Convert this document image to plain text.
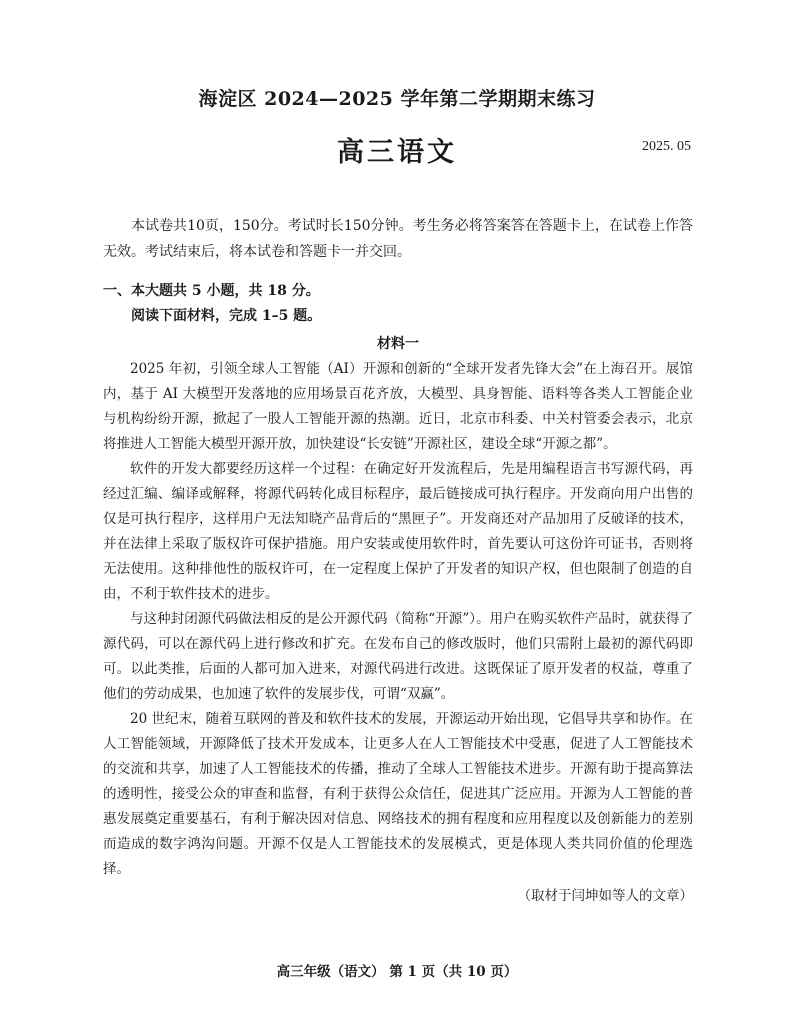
海淀区 2024—2025 学年第二学期期末练习
高三语文	2025. 05

本试卷共10页，150分。考试时长150分钟。考生务必将答案答在答题卡上，在试卷上作答无效。考试结束后，将本试卷和答题卡一并交回。

一、本大题共 5 小题，共 18 分。

阅读下面材料，完成 1–5 题。

材料一

2025 年初，引领全球人工智能（AI）开源和创新的“全球开发者先锋大会”在上海召开。展馆内，基于 AI 大模型开发落地的应用场景百花齐放，大模型、具身智能、语料等各类人工智能企业与机构纷纷开源，掀起了一股人工智能开源的热潮。近日，北京市科委、中关村管委会表示，北京将推进人工智能大模型开源开放，加快建设“长安链”开源社区，建设全球“开源之都”。

软件的开发大都要经历这样一个过程：在确定好开发流程后，先是用编程语言书写源代码，再经过汇编、编译或解释，将源代码转化成目标程序，最后链接成可执行程序。开发商向用户出售的仅是可执行程序，这样用户无法知晓产品背后的“黑匣子”。开发商还对产品加用了反破译的技术，并在法律上采取了版权许可保护措施。用户安装或使用软件时，首先要认可这份许可证书，否则将无法使用。这种排他性的版权许可，在一定程度上保护了开发者的知识产权，但也限制了创造的自由，不利于软件技术的进步。

与这种封闭源代码做法相反的是公开源代码（简称“开源”）。用户在购买软件产品时，就获得了源代码，可以在源代码上进行修改和扩充。在发布自己的修改版时，他们只需附上最初的源代码即可。以此类推，后面的人都可加入进来，对源代码进行改进。这既保证了原开发者的权益，尊重了他们的劳动成果，也加速了软件的发展步伐，可谓“双赢”。

20 世纪末，随着互联网的普及和软件技术的发展，开源运动开始出现，它倡导共享和协作。在人工智能领域，开源降低了技术开发成本，让更多人在人工智能技术中受惠，促进了人工智能技术的交流和共享，加速了人工智能技术的传播，推动了全球人工智能技术进步。开源有助于提高算法的透明性，接受公众的审查和监督，有利于获得公众信任，促进其广泛应用。开源为人工智能的普惠发展奠定重要基石，有利于解决因对信息、网络技术的拥有程度和应用程度以及创新能力的差别而造成的数字鸿沟问题。开源不仅是人工智能技术的发展模式，更是体现人类共同价值的伦理选择。

（取材于闫坤如等人的文章）

高三年级（语文） 第 1 页（共 10 页）
